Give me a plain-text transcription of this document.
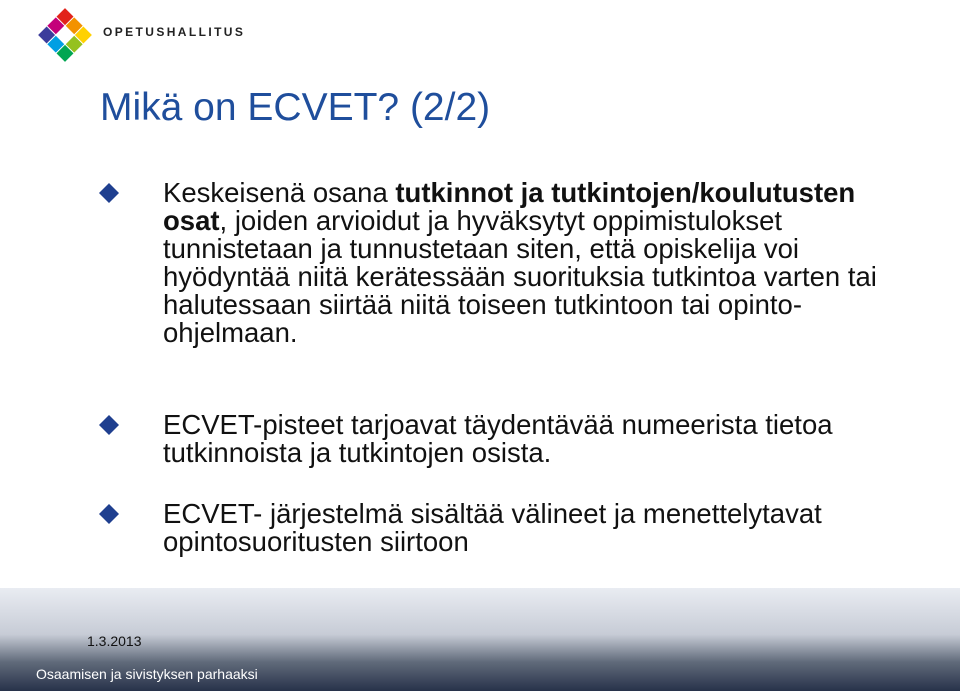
OPETUSHALLITUS
Mikä on ECVET? (2/2)
Keskeisenä osana tutkinnot ja tutkintojen/koulutusten osat, joiden arvioidut ja hyväksytyt oppimistulokset tunnistetaan ja tunnustetaan siten, että opiskelija voi hyödyntää niitä kerätessään suorituksia tutkintoa varten tai halutessaan siirtää niitä toiseen tutkintoon tai opinto-ohjelmaan.
ECVET-pisteet tarjoavat täydentävää numeerista tietoa tutkinnoista ja tutkintojen osista.
ECVET- järjestelmä sisältää välineet ja menettelytavat opintosuoritusten siirtoon
1.3.2013
Osaamisen ja sivistyksen parhaaksi
